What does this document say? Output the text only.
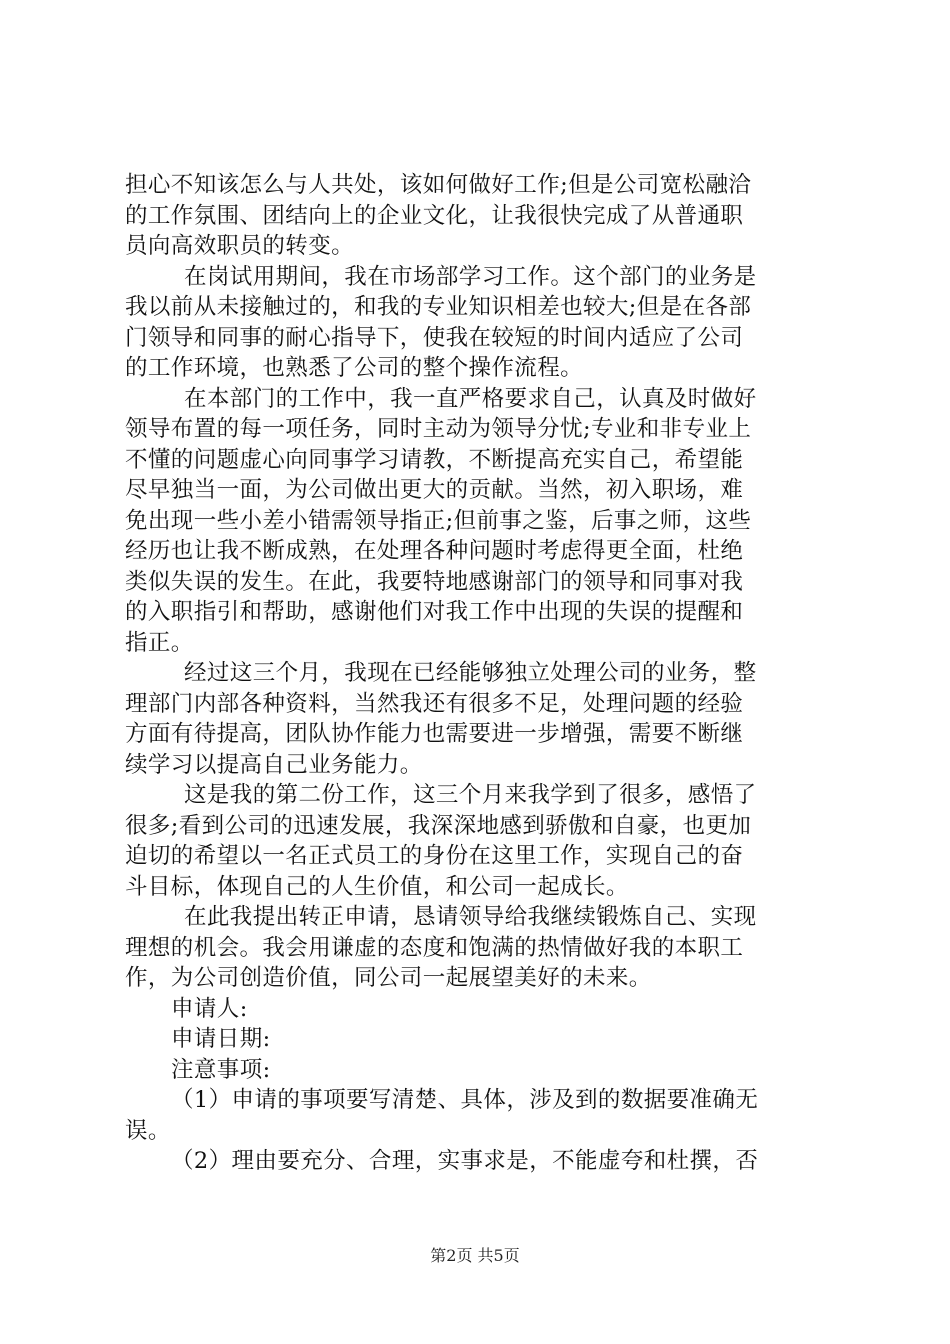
担心不知该怎么与人共处，该如何做好工作;但是公司宽松融洽
的工作氛围、团结向上的企业文化，让我很快完成了从普通职
员向高效职员的转变。
在岗试用期间，我在市场部学习工作。这个部门的业务是
我以前从未接触过的，和我的专业知识相差也较大;但是在各部
门领导和同事的耐心指导下，使我在较短的时间内适应了公司
的工作环境，也熟悉了公司的整个操作流程。
在本部门的工作中，我一直严格要求自己，认真及时做好
领导布置的每一项任务，同时主动为领导分忧;专业和非专业上
不懂的问题虚心向同事学习请教，不断提高充实自己，希望能
尽早独当一面，为公司做出更大的贡献。当然，初入职场，难
免出现一些小差小错需领导指正;但前事之鉴，后事之师，这些
经历也让我不断成熟，在处理各种问题时考虑得更全面，杜绝
类似失误的发生。在此，我要特地感谢部门的领导和同事对我
的入职指引和帮助，感谢他们对我工作中出现的失误的提醒和
指正。
经过这三个月，我现在已经能够独立处理公司的业务，整
理部门内部各种资料，当然我还有很多不足，处理问题的经验
方面有待提高，团队协作能力也需要进一步增强，需要不断继
续学习以提高自己业务能力。
这是我的第二份工作，这三个月来我学到了很多，感悟了
很多;看到公司的迅速发展，我深深地感到骄傲和自豪，也更加
迫切的希望以一名正式员工的身份在这里工作，实现自己的奋
斗目标，体现自己的人生价值，和公司一起成长。
在此我提出转正申请，恳请领导给我继续锻炼自己、实现
理想的机会。我会用谦虚的态度和饱满的热情做好我的本职工
作，为公司创造价值，同公司一起展望美好的未来。
申请人:
申请日期:
注意事项:
（1）申请的事项要写清楚、具体，涉及到的数据要准确无
误。
（2）理由要充分、合理，实事求是，不能虚夸和杜撰，否
第2页 共5页
